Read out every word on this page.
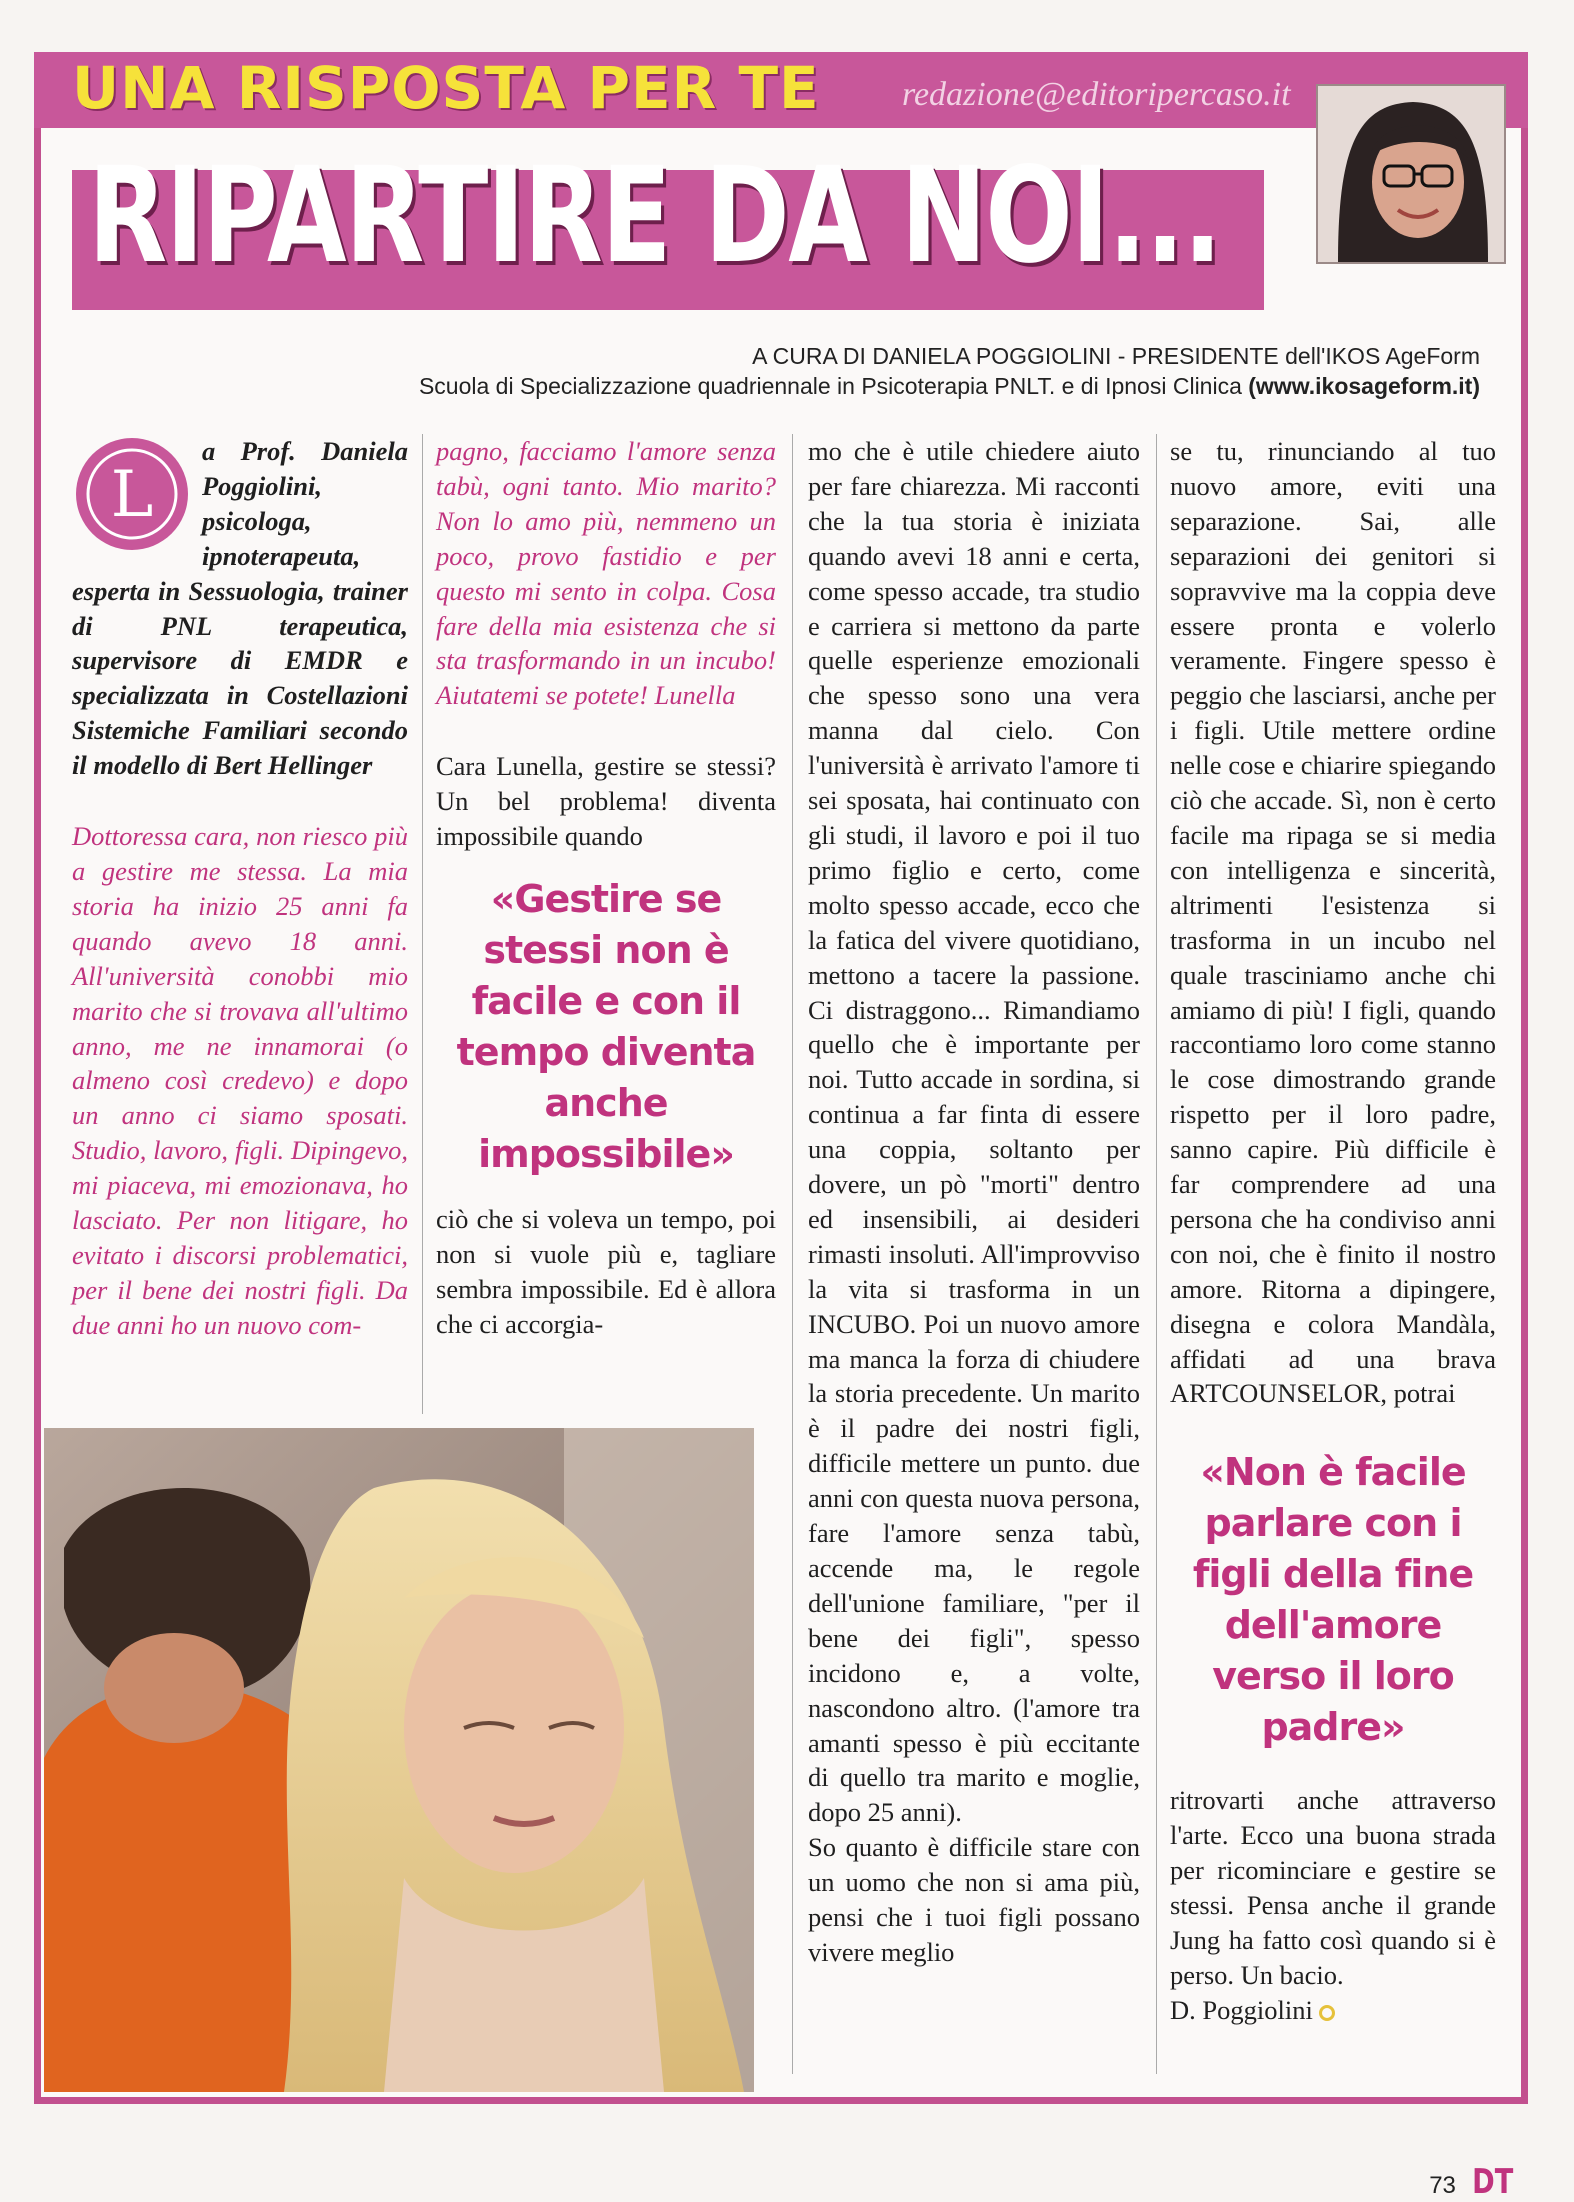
UNA RISPOSTA PER TE redazione@editoripercaso.it
RIPARTIRE DA NOI...
A CURA DI DANIELA POGGIOLINI - PRESIDENTE dell'IKOS AgeForm
Scuola di Specializzazione quadriennale in Psicoterapia PNLT. e di Ipnosi Clinica (www.ikosageform.it)
L

a Prof. Daniela Poggiolini, psicologa, ipnoterapeuta, esperta in Sessuologia, trainer di PNL terapeutica, supervisore di EMDR e specializzata in Costellazioni Sistemiche Familiari secondo il modello di Bert Hellinger

Dottoressa cara, non riesco più a gestire me stessa. La mia storia ha inizio 25 anni fa quando avevo 18 anni. All'università conobbi mio marito che si trovava all'ultimo anno, me ne innamorai (o almeno così credevo) e dopo un anno ci siamo sposati. Studio, lavoro, figli. Dipingevo, mi piaceva, mi emozionava, ho lasciato. Per non litigare, ho evitato i discorsi problematici, per il bene dei nostri figli. Da due anni ho un nuovo com-

pagno, facciamo l'amore senza tabù, ogni tanto. Mio marito? Non lo amo più, nemmeno un poco, provo fastidio e per questo mi sento in colpa. Cosa fare della mia esistenza che si sta trasformando in un incubo! Aiutatemi se potete! Lunella

Cara Lunella, gestire se stessi? Un bel problema! diventa impossibile quando

«Gestire se stessi non è facile e con il tempo diventa anche impossibile»

ciò che si voleva un tempo, poi non si vuole più e, tagliare sembra impossibile. Ed è allora che ci accorgia-

mo che è utile chiedere aiuto per fare chiarezza. Mi racconti che la tua storia è iniziata quando avevi 18 anni e certa, come spesso accade, tra studio e carriera si mettono da parte quelle esperienze emozionali che spesso sono una vera manna dal cielo. Con l'università è arrivato l'amore ti sei sposata, hai continuato con gli studi, il lavoro e poi il tuo primo figlio e certo, come molto spesso accade, ecco che la fatica del vivere quotidiano, mettono a tacere la passione. Ci distraggono... Rimandiamo quello che è importante per noi. Tutto accade in sordina, si continua a far finta di essere una coppia, soltanto per dovere, un pò "morti" dentro ed insensibili, ai desideri rimasti insoluti. All'improvviso la vita si trasforma in un INCUBO. Poi un nuovo amore ma manca la forza di chiudere la storia precedente. Un marito è il padre dei nostri figli, difficile mettere un punto. due anni con questa nuova persona, fare l'amore senza tabù, accende ma, le regole dell'unione familiare, "per il bene dei figli", spesso incidono e, a volte, nascondono altro. (l'amore tra amanti spesso è più eccitante di quello tra marito e moglie, dopo 25 anni).

So quanto è difficile stare con un uomo che non si ama più, pensi che i tuoi figli possano vivere meglio

se tu, rinunciando al tuo nuovo amore, eviti una separazione. Sai, alle separazioni dei genitori si sopravvive ma la coppia deve essere pronta e volerlo veramente. Fingere spesso è peggio che lasciarsi, anche per i figli. Utile mettere ordine nelle cose e chiarire spiegando ciò che accade. Sì, non è certo facile ma ripaga se si media con intelligenza e sincerità, altrimenti l'esistenza si trasforma in un incubo nel quale trasciniamo anche chi amiamo di più! I figli, quando raccontiamo loro come stanno le cose dimostrando grande rispetto per il loro padre, sanno capire. Più difficile è far comprendere ad una persona che ha condiviso anni con noi, che è finito il nostro amore. Ritorna a dipingere, disegna e colora Mandàla, affidati ad una brava ARTCOUNSELOR, potrai

«Non è facile parlare con i figli della fine dell'amore verso il loro padre»

ritrovarti anche attraverso l'arte. Ecco una buona strada per ricominciare e gestire se stessi. Pensa anche il grande Jung ha fatto così quando si è perso. Un bacio.

D. Poggiolini

73 DT
